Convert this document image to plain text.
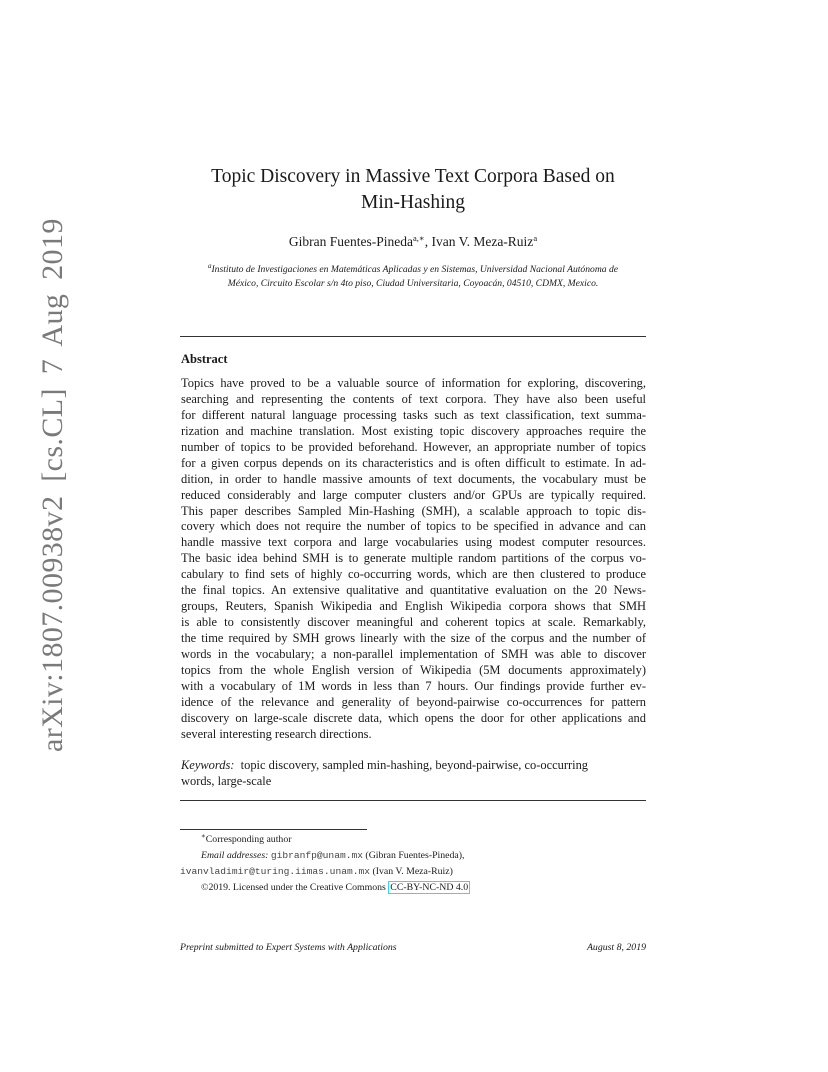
arXiv:1807.00938v2 [cs.CL] 7 Aug 2019
Topic Discovery in Massive Text Corpora Based on
Min-Hashing
Gibran Fuentes-Pineda$^{a,∗}$, Ivan V. Meza-Ruiz$^a$
$^a$Instituto de Investigaciones en Matemáticas Aplicadas y en Sistemas, Universidad Nacional Autónoma de
México, Circuito Escolar s/n 4to piso, Ciudad Universitaria, Coyoacán, 04510, CDMX, Mexico.
Abstract
Topics have proved to be a valuable source of information for exploring, discovering,
searching and representing the contents of text corpora. They have also been useful
for different natural language processing tasks such as text classification, text summa-
rization and machine translation. Most existing topic discovery approaches require the
number of topics to be provided beforehand. However, an appropriate number of topics
for a given corpus depends on its characteristics and is often difficult to estimate. In ad-
dition, in order to handle massive amounts of text documents, the vocabulary must be
reduced considerably and large computer clusters and/or GPUs are typically required.
This paper describes Sampled Min-Hashing (SMH), a scalable approach to topic dis-
covery which does not require the number of topics to be specified in advance and can
handle massive text corpora and large vocabularies using modest computer resources.
The basic idea behind SMH is to generate multiple random partitions of the corpus vo-
cabulary to find sets of highly co-occurring words, which are then clustered to produce
the final topics. An extensive qualitative and quantitative evaluation on the 20 News-
groups, Reuters, Spanish Wikipedia and English Wikipedia corpora shows that SMH
is able to consistently discover meaningful and coherent topics at scale. Remarkably,
the time required by SMH grows linearly with the size of the corpus and the number of
words in the vocabulary; a non-parallel implementation of SMH was able to discover
topics from the whole English version of Wikipedia (5M documents approximately)
with a vocabulary of 1M words in less than 7 hours. Our findings provide further ev-
idence of the relevance and generality of beyond-pairwise co-occurrences for pattern
discovery on large-scale discrete data, which opens the door for other applications and
several interesting research directions.
Keywords: topic discovery, sampled min-hashing, beyond-pairwise, co-occurring
words, large-scale
∗Corresponding author
Email addresses: gibranfp@unam.mx (Gibran Fuentes-Pineda),
ivanvladimir@turing.iimas.unam.mx (Ivan V. Meza-Ruiz)
©2019. Licensed under the Creative Commons CC-BY-NC-ND 4.0
Preprint submitted to Expert Systems with Applications	August 8, 2019
